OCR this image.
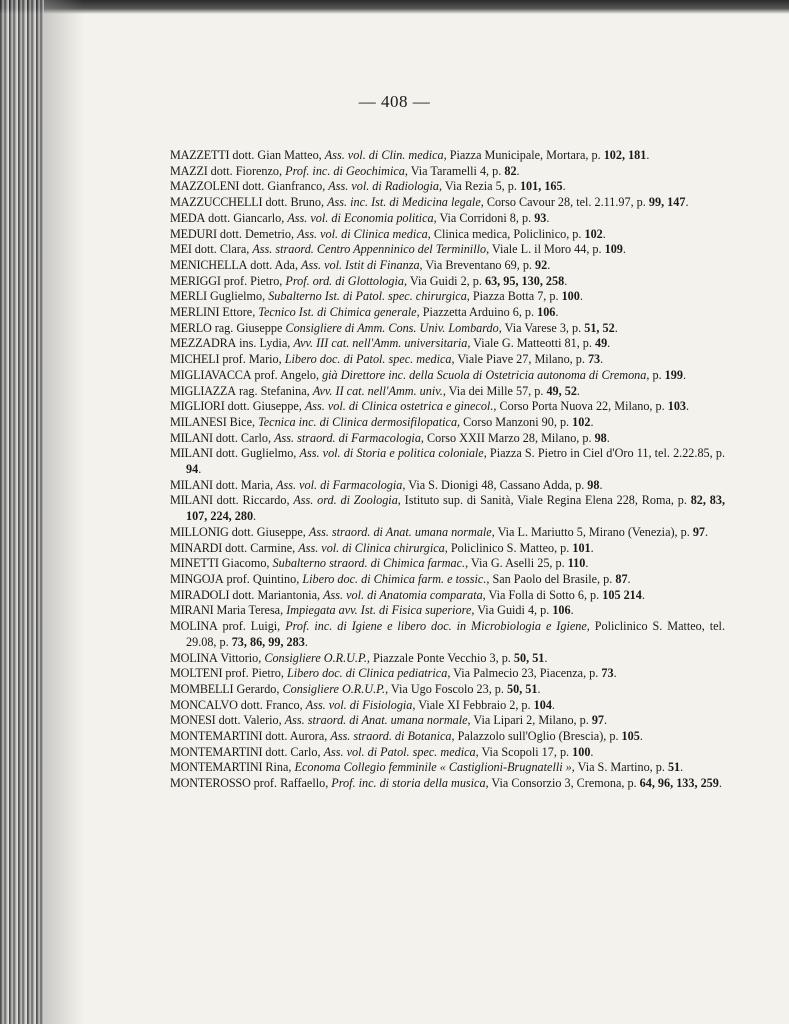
— 408 —
MAZZETTI dott. Gian Matteo, Ass. vol. di Clin. medica, Piazza Municipale, Mortara, p. 102, 181.
MAZZI dott. Fiorenzo, Prof. inc. di Geochimica, Via Taramelli 4, p. 82.
MAZZOLENI dott. Gianfranco, Ass. vol. di Radiologia, Via Rezia 5, p. 101, 165.
MAZZUCCHELLI dott. Bruno, Ass. inc. Ist. di Medicina legale, Corso Cavour 28, tel. 2.11.97, p. 99, 147.
MEDA dott. Giancarlo, Ass. vol. di Economia politica, Via Corridoni 8, p. 93.
MEDURI dott. Demetrio, Ass. vol. di Clinica medica, Clinica medica, Policlinico, p. 102.
MEI dott. Clara, Ass. straord. Centro Appenninico del Terminillo, Viale L. il Moro 44, p. 109.
MENICHELLA dott. Ada, Ass. vol. Istit di Finanza, Via Breventano 69, p. 92.
MERIGGI prof. Pietro, Prof. ord. di Glottologia, Via Guidi 2, p. 63, 95, 130, 258.
MERLI Guglielmo, Subalterno Ist. di Patol. spec. chirurgica, Piazza Botta 7, p. 100.
MERLINI Ettore, Tecnico Ist. di Chimica generale, Piazzetta Arduino 6, p. 106.
MERLO rag. Giuseppe Consigliere di Amm. Cons. Univ. Lombardo, Via Varese 3, p. 51, 52.
MEZZADRA ins. Lydia, Avv. III cat. nell'Amm. universitaria, Viale G. Matteotti 81, p. 49.
MICHELI prof. Mario, Libero doc. di Patol. spec. medica, Viale Piave 27, Milano, p. 73.
MIGLIAVACCA prof. Angelo, già Direttore inc. della Scuola di Ostetricia autonoma di Cremona, p. 199.
MIGLIAZZA rag. Stefanina, Avv. II cat. nell'Amm. univ., Via dei Mille 57, p. 49, 52.
MIGLIORI dott. Giuseppe, Ass. vol. di Clinica ostetrica e ginecol., Corso Porta Nuova 22, Milano, p. 103.
MILANESI Bice, Tecnica inc. di Clinica dermosifilopatica, Corso Manzoni 90, p. 102.
MILANI dott. Carlo, Ass. straord. di Farmacologia, Corso XXII Marzo 28, Milano, p. 98.
MILANI dott. Guglielmo, Ass. vol. di Storia e politica coloniale, Piazza S. Pietro in Ciel d'Oro 11, tel. 2.22.85, p. 94.
MILANI dott. Maria, Ass. vol. di Farmacologia, Via S. Dionigi 48, Cassano Adda, p. 98.
MILANI dott. Riccardo, Ass. ord. di Zoologia, Istituto sup. di Sanità, Viale Regina Elena 228, Roma, p. 82, 83, 107, 224, 280.
MILLONIG dott. Giuseppe, Ass. straord. di Anat. umana normale, Via L. Mariutto 5, Mirano (Venezia), p. 97.
MINARDI dott. Carmine, Ass. vol. di Clinica chirurgica, Policlinico S. Matteo, p. 101.
MINETTI Giacomo, Subalterno straord. di Chimica farmac., Via G. Aselli 25, p. 110.
MINGOJA prof. Quintino, Libero doc. di Chimica farm. e tossic., San Paolo del Brasile, p. 87.
MIRADOLI dott. Mariantonia, Ass. vol. di Anatomia comparata, Via Folla di Sotto 6, p. 105 214.
MIRANI Maria Teresa, Impiegata avv. Ist. di Fisica superiore, Via Guidi 4, p. 106.
MOLINA prof. Luigi, Prof. inc. di Igiene e libero doc. in Microbiologia e Igiene, Policlinico S. Matteo, tel. 29.08, p. 73, 86, 99, 283.
MOLINA Vittorio, Consigliere O.R.U.P., Piazzale Ponte Vecchio 3, p. 50, 51.
MOLTENI prof. Pietro, Libero doc. di Clinica pediatrica, Via Palmecio 23, Piacenza, p. 73.
MOMBELLI Gerardo, Consigliere O.R.U.P., Via Ugo Foscolo 23, p. 50, 51.
MONCALVO dott. Franco, Ass. vol. di Fisiologia, Viale XI Febbraio 2, p. 104.
MONESI dott. Valerio, Ass. straord. di Anat. umana normale, Via Lipari 2, Milano, p. 97.
MONTEMARTINI dott. Aurora, Ass. straord. di Botanica, Palazzolo sull'Oglio (Brescia), p. 105.
MONTEMARTINI dott. Carlo, Ass. vol. di Patol. spec. medica, Via Scopoli 17, p. 100.
MONTEMARTINI Rina, Economa Collegio femminile « Castiglioni-Brugnatelli », Via S. Martino, p. 51.
MONTEROSSO prof. Raffaello, Prof. inc. di storia della musica, Via Consorzio 3, Cremona, p. 64, 96, 133, 259.
